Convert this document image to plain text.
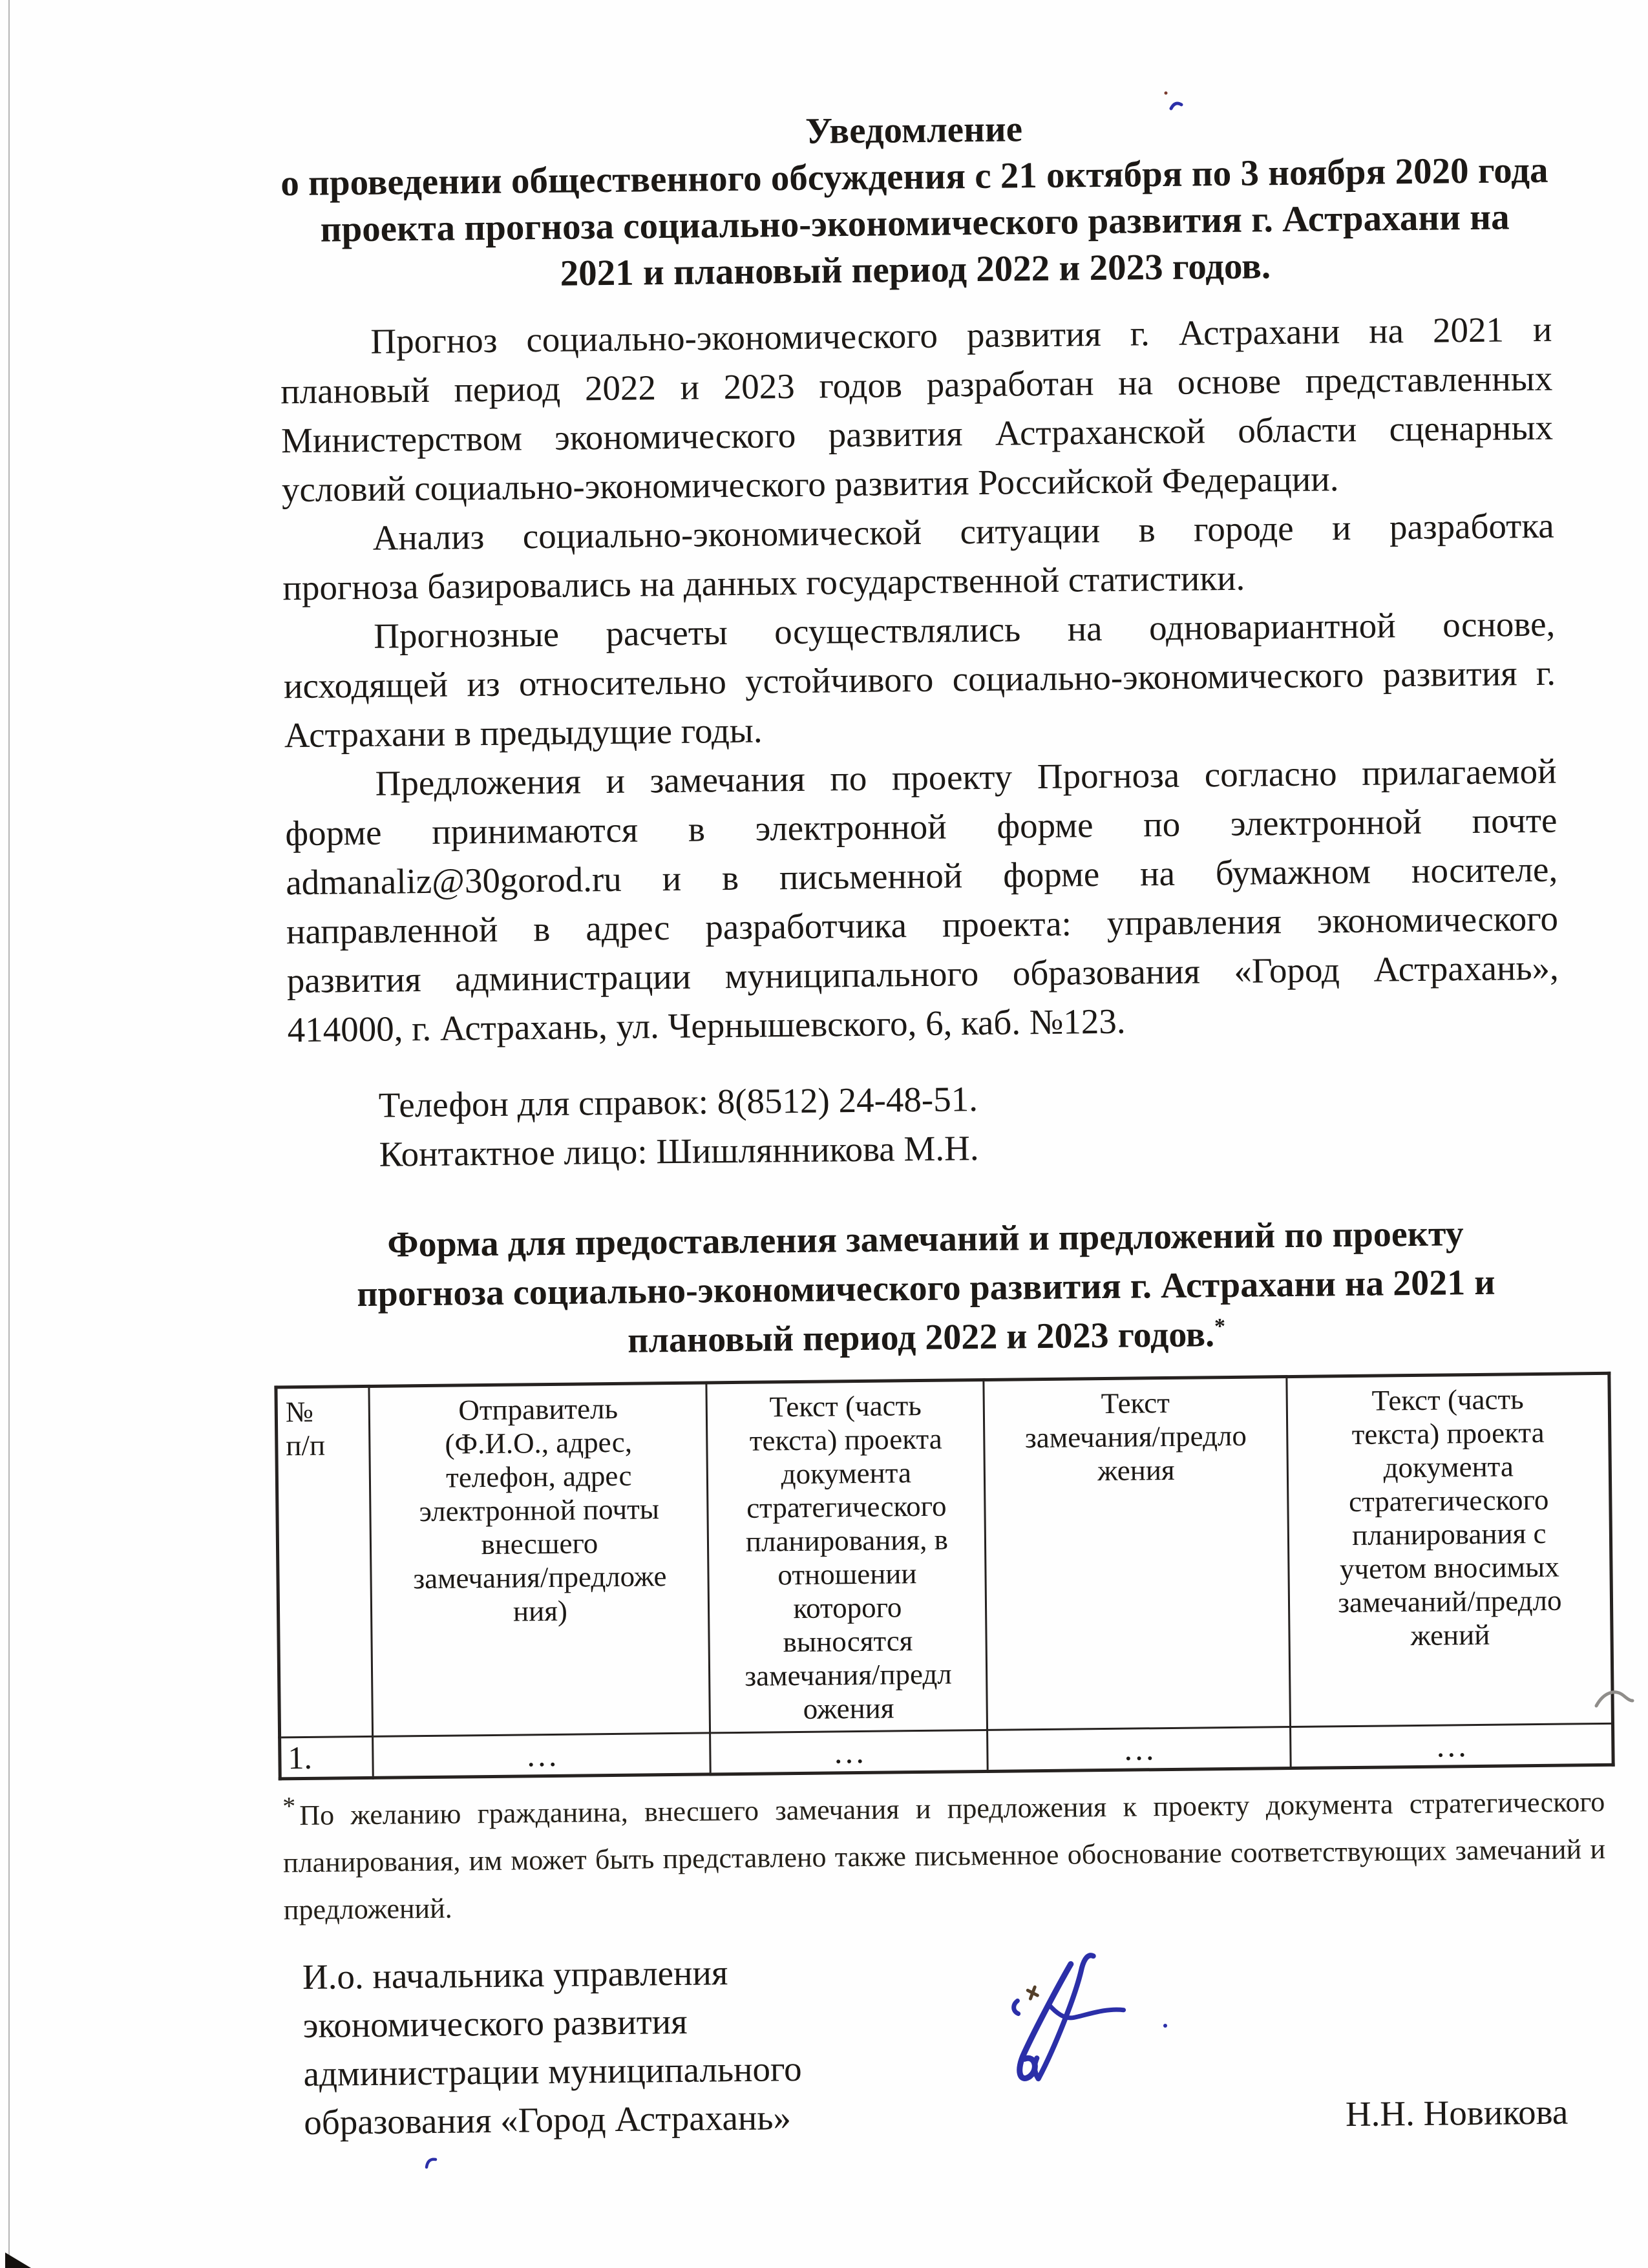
Уведомление
о проведении общественного обсуждения с 21 октября по 3 ноября 2020 года
проекта прогноза социально-экономического развития г. Астрахани на
2021 и плановый период 2022 и 2023 годов.
Прогноз социально-экономического развития г. Астрахани на 2021 и
плановый период 2022 и 2023 годов разработан на основе представленных
Министерством экономического развития Астраханской области сценарных
условий социально-экономического развития Российской Федерации.
Анализ социально-экономической ситуации в городе и разработка
прогноза базировались на данных государственной статистики.
Прогнозные расчеты осуществлялись на одновариантной основе,
исходящей из относительно устойчивого социально-экономического развития г.
Астрахани в предыдущие годы.
Предложения и замечания по проекту Прогноза согласно прилагаемой
форме принимаются в электронной форме по электронной почте
admanaliz@30gorod.ru и в письменной форме на бумажном носителе,
направленной в адрес разработчика проекта: управления экономического
развития администрации муниципального образования «Город Астрахань»,
414000, г. Астрахань, ул. Чернышевского, 6, каб. №123.
Телефон для справок: 8(8512) 24-48-51.
Контактное лицо: Шишлянникова М.Н.
Форма для предоставления замечаний и предложений по проекту
прогноза социально-экономического развития г. Астрахани на 2021 и
плановый период 2022 и 2023 годов.*
№
п/п	Отправитель
(Ф.И.О., адрес,
телефон, адрес
электронной почты
внесшего
замечания/предложе
ния)	Текст (часть
текста) проекта
документа
стратегического
планирования, в
отношении
которого
выносятся
замечания/предл
ожения	Текст
замечания/предло
жения	Текст (часть
текста) проекта
документа
стратегического
планирования с
учетом вносимых
замечаний/предло
жений
1.	…	…	…	…
* По желанию гражданина, внесшего замечания и предложения к проекту документа стратегического
планирования, им может быть представлено также письменное обоснование соответствующих замечаний и
предложений.
И.о. начальника управления
экономического развития
администрации муниципального
образования «Город Астрахань»	Н.Н. Новикова
